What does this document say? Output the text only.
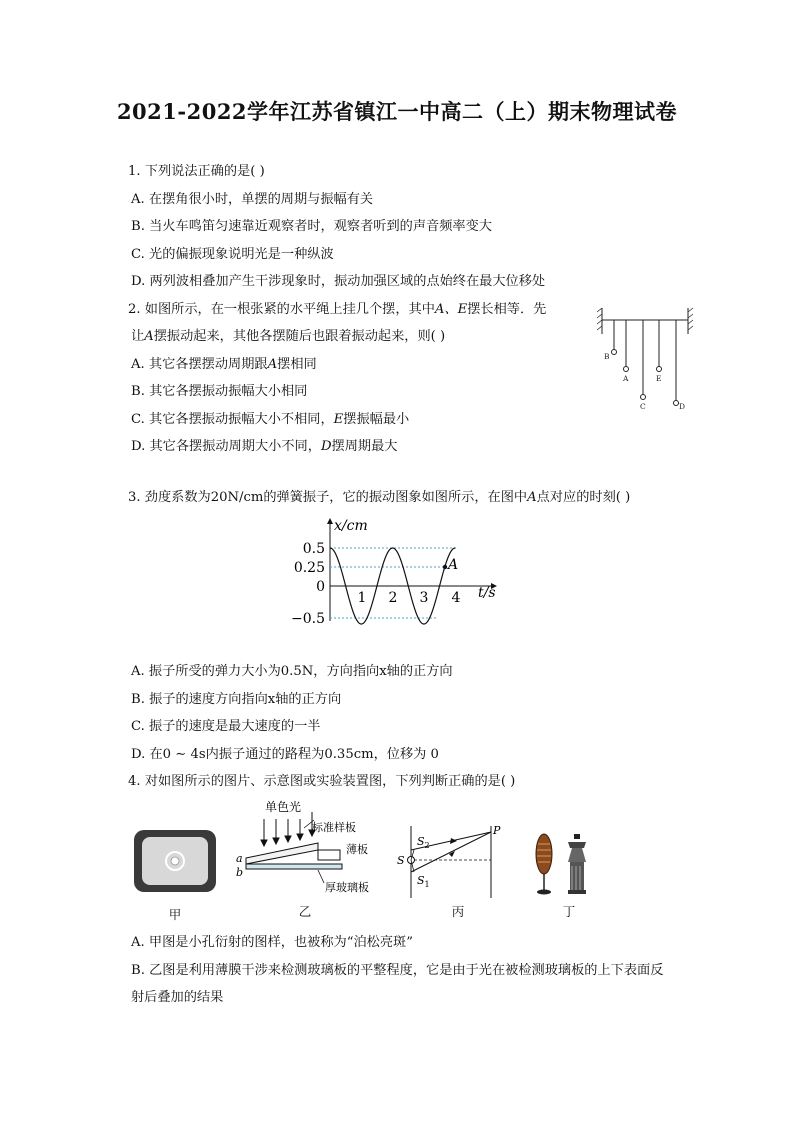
2021-2022学年江苏省镇江一中高二（上）期末物理试卷
1. 下列说法正确的是( )
A. 在摆角很小时，单摆的周期与振幅有关
B. 当火车鸣笛匀速靠近观察者时，观察者听到的声音频率变大
C. 光的偏振现象说明光是一种纵波
D. 两列波相叠加产生干涉现象时，振动加强区域的点始终在最大位移处
2. 如图所示，在一根张紧的水平绳上挂几个摆，其中A、E摆长相等．先
让A摆振动起来，其他各摆随后也跟着振动起来，则( )
A. 其它各摆摆动周期跟A摆相同
B. 其它各摆振动振幅大小相同
C. 其它各摆振动振幅大小不相同，E摆振幅最小
D. 其它各摆振动周期大小不同，D摆周期最大
B
A
C
E
D
3. 劲度系数为20N/cm的弹簧振子，它的振动图象如图所示，在图中A点对应的时刻( )
A
x/cm
t/s
0.5
0.25
0
−0.5
1 2 3 4
A. 振子所受的弹力大小为0.5N，方向指向x轴的正方向
B. 振子的速度方向指向x轴的正方向
C. 振子的速度是最大速度的一半
D. 在0 ∼ 4s内振子通过的路程为0.35cm，位移为 0
4. 对如图所示的图片、示意图或实验装置图，下列判断正确的是( )
单色光
标准样板
薄板
厚玻璃板
a
b
S
$S_2$
$S_1$
P
甲	乙	丙	丁
A. 甲图是小孔衍射的图样，也被称为“泊松亮斑”
B. 乙图是利用薄膜干涉来检测玻璃板的平整程度，它是由于光在被检测玻璃板的上下表面反
射后叠加的结果
